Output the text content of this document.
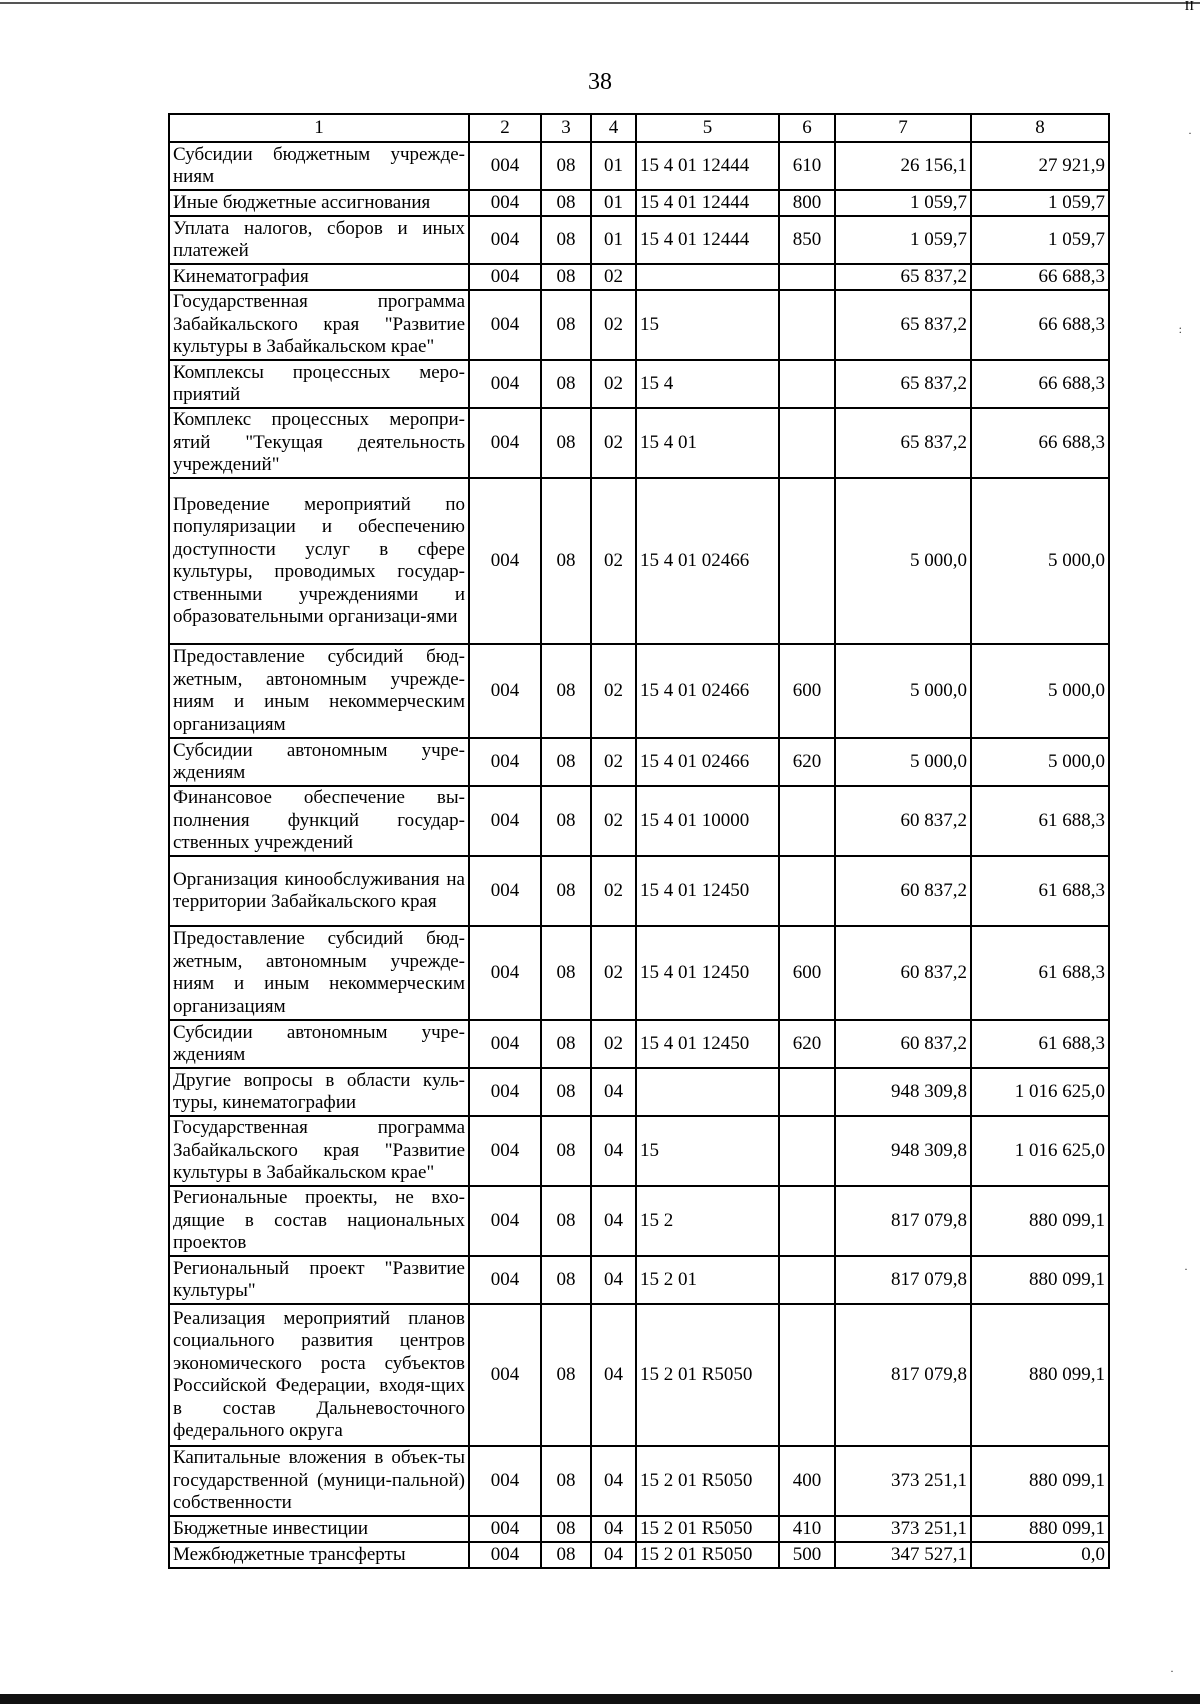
II
38
1	2	3	4	5	6	7	8
Субсидии бюджетным учрежде-ниям	004	08	01	15 4 01 12444	610	26 156,1	27 921,9
Иные бюджетные ассигнования	004	08	01	15 4 01 12444	800	1 059,7	1 059,7
Уплата налогов, сборов и иных платежей	004	08	01	15 4 01 12444	850	1 059,7	1 059,7
Кинематография	004	08	02			65 837,2	66 688,3
Государственная программа Забайкальского края "Развитие культуры в Забайкальском крае"	004	08	02	15		65 837,2	66 688,3
Комплексы процессных меро-приятий	004	08	02	15 4		65 837,2	66 688,3
Комплекс процессных меропри-ятий "Текущая деятельность учреждений"	004	08	02	15 4 01		65 837,2	66 688,3
Проведение мероприятий по популяризации и обеспечению доступности услуг в сфере культуры, проводимых государ-ственными учреждениями и образовательными организаци-ями	004	08	02	15 4 01 02466		5 000,0	5 000,0
Предоставление субсидий бюд-жетным, автономным учрежде-ниям и иным некоммерческим организациям	004	08	02	15 4 01 02466	600	5 000,0	5 000,0
Субсидии автономным учре-ждениям	004	08	02	15 4 01 02466	620	5 000,0	5 000,0
Финансовое обеспечение вы-полнения функций государ-ственных учреждений	004	08	02	15 4 01 10000		60 837,2	61 688,3
Организация кинообслуживания на территории Забайкальского края	004	08	02	15 4 01 12450		60 837,2	61 688,3
Предоставление субсидий бюд-жетным, автономным учрежде-ниям и иным некоммерческим организациям	004	08	02	15 4 01 12450	600	60 837,2	61 688,3
Субсидии автономным учре-ждениям	004	08	02	15 4 01 12450	620	60 837,2	61 688,3
Другие вопросы в области куль-туры, кинематографии	004	08	04			948 309,8	1 016 625,0
Государственная программа Забайкальского края "Развитие культуры в Забайкальском крае"	004	08	04	15		948 309,8	1 016 625,0
Региональные проекты, не вхо-дящие в состав национальных проектов	004	08	04	15 2		817 079,8	880 099,1
Региональный проект "Развитие культуры"	004	08	04	15 2 01		817 079,8	880 099,1
Реализация мероприятий планов социального развития центров экономического роста субъектов Российской Федерации, входя-щих в состав Дальневосточного федерального округа	004	08	04	15 2 01 R5050		817 079,8	880 099,1
Капитальные вложения в объек-ты государственной (муници-пальной) собственности	004	08	04	15 2 01 R5050	400	373 251,1	880 099,1
Бюджетные инвестиции	004	08	04	15 2 01 R5050	410	373 251,1	880 099,1
Межбюджетные трансферты	004	08	04	15 2 01 R5050	500	347 527,1	0,0
·
:
·
·
